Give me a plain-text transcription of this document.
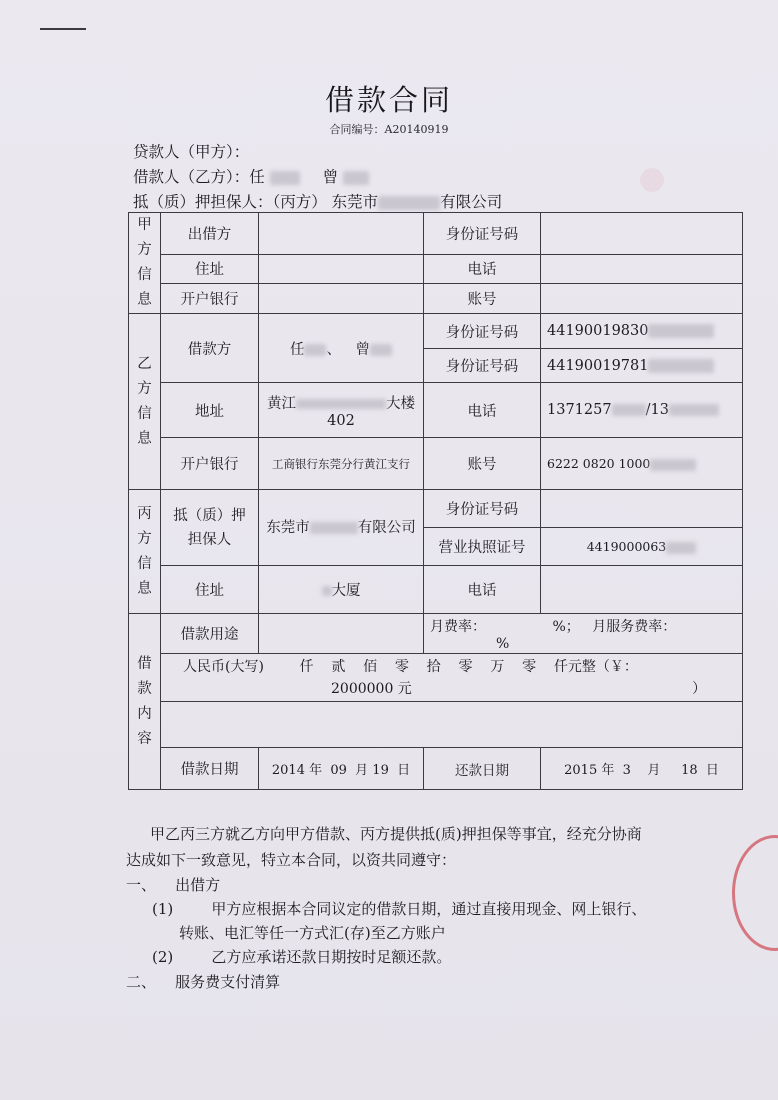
借款合同
合同编号：A20140919
贷款人（甲方）：
借款人（乙方）：任	曾
抵（质）押担保人：（丙方） 东莞市	有限公司
甲
方
信
息	出借方		身份证号码	
	住址		电话	
	开户银行		账号	
乙
方
信
息	借款方	任 、 曾	身份证号码	44190019830
			身份证号码	44190019781
	地址	黄江 大楼 402	电话	1371257 /13

	开户银行	工商银行东莞分行黄江支行	账号	6222 0820 1000

丙
方
信
息	抵（质）押担保人	东莞市 有限公司	身份证号码	
			营业执照证号	4419000063
	住址	大厦	电话	
借
款
内
容	借款用途		月费率： %； 月服务费率： %	

	人民币(大写)        仟    贰    佰    零    拾    零    万    零    仟元整（￥：
2000000 元                                                               ）			

	借款日期	2014 年  09  月 19  日	还款日期	2015 年  3    月     18  日
甲乙丙三方就乙方向甲方借款、丙方提供抵(质)押担保等事宜，经充分协商
达成如下一致意见，特立本合同，以资共同遵守：
一、    出借方
(1)        甲方应根据本合同议定的借款日期，通过直接用现金、网上银行、
转账、电汇等任一方式汇(存)至乙方账户
(2)        乙方应承诺还款日期按时足额还款。
二、    服务费支付清算
